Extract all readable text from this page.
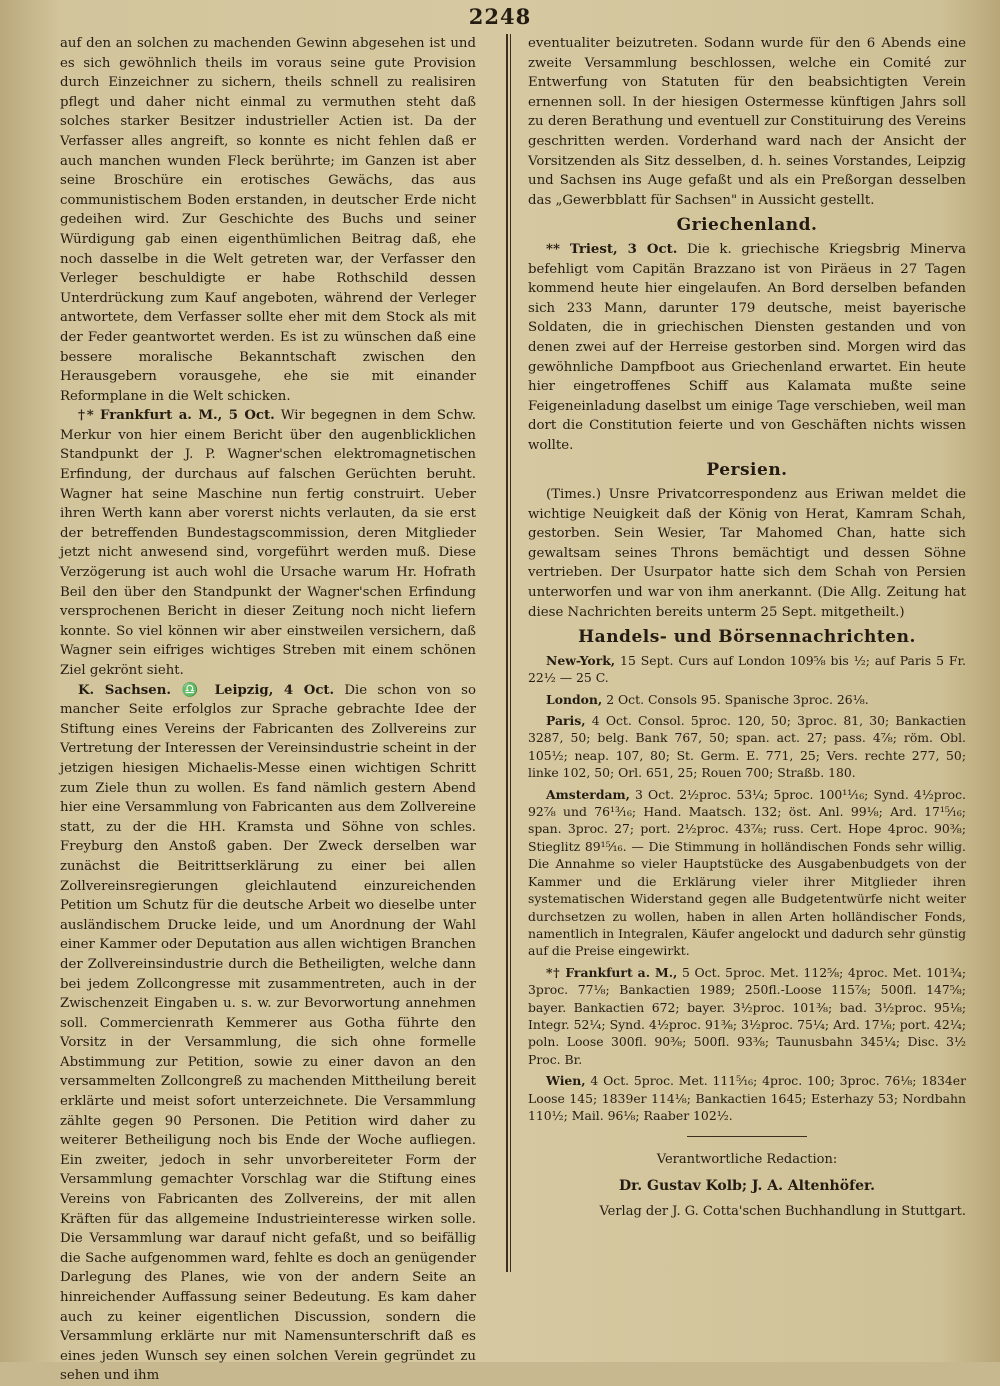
2248

auf den an solchen zu machenden Gewinn abgesehen ist und es sich gewöhnlich theils im voraus seine gute Provision durch Einzeichner zu sichern, theils schnell zu realisiren pflegt und daher nicht einmal zu vermuthen steht daß solches starker Besitzer industrieller Actien ist. Da der Verfasser alles angreift, so konnte es nicht fehlen daß er auch manchen wunden Fleck berührte; im Ganzen ist aber seine Broschüre ein erotisches Gewächs, das aus communistischem Boden erstanden, in deutscher Erde nicht gedeihen wird. Zur Geschichte des Buchs und seiner Würdigung gab einen eigenthümlichen Beitrag daß, ehe noch dasselbe in die Welt getreten war, der Verfasser den Verleger beschuldigte er habe Rothschild dessen Unterdrückung zum Kauf angeboten, während der Verleger antwortete, dem Verfasser sollte eher mit dem Stock als mit der Feder geantwortet werden. Es ist zu wünschen daß eine bessere moralische Bekanntschaft zwischen den Herausgebern vorausgehe, ehe sie mit einander Reformplane in die Welt schicken.

†* Frankfurt a. M., 5 Oct. Wir begegnen in dem Schw. Merkur von hier einem Bericht über den augenblicklichen Standpunkt der J. P. Wagner'schen elektromagnetischen Erfindung, der durchaus auf falschen Gerüchten beruht. Wagner hat seine Maschine nun fertig construirt. Ueber ihren Werth kann aber vorerst nichts verlauten, da sie erst der betreffenden Bundestagscommission, deren Mitglieder jetzt nicht anwesend sind, vorgeführt werden muß. Diese Verzögerung ist auch wohl die Ursache warum Hr. Hofrath Beil den über den Standpunkt der Wagner'schen Erfindung versprochenen Bericht in dieser Zeitung noch nicht liefern konnte. So viel können wir aber einstweilen versichern, daß Wagner sein eifriges wichtiges Streben mit einem schönen Ziel gekrönt sieht.

K. Sachsen. ♎ Leipzig, 4 Oct. Die schon von so mancher Seite erfolglos zur Sprache gebrachte Idee der Stiftung eines Vereins der Fabricanten des Zollvereins zur Vertretung der Interessen der Vereinsindustrie scheint in der jetzigen hiesigen Michaelis-Messe einen wichtigen Schritt zum Ziele thun zu wollen. Es fand nämlich gestern Abend hier eine Versammlung von Fabricanten aus dem Zollvereine statt, zu der die HH. Kramsta und Söhne von schles. Freyburg den Anstoß gaben. Der Zweck derselben war zunächst die Beitrittserklärung zu einer bei allen Zollvereinsregierungen gleichlautend einzureichenden Petition um Schutz für die deutsche Arbeit wo dieselbe unter ausländischem Drucke leide, und um Anordnung der Wahl einer Kammer oder Deputation aus allen wichtigen Branchen der Zollvereinsindustrie durch die Betheiligten, welche dann bei jedem Zollcongresse mit zusammentreten, auch in der Zwischenzeit Eingaben u. s. w. zur Bevorwortung annehmen soll. Commercienrath Kemmerer aus Gotha führte den Vorsitz in der Versammlung, die sich ohne formelle Abstimmung zur Petition, sowie zu einer davon an den versammelten Zollcongreß zu machenden Mittheilung bereit erklärte und meist sofort unterzeichnete. Die Versammlung zählte gegen 90 Personen. Die Petition wird daher zu weiterer Betheiligung noch bis Ende der Woche aufliegen. Ein zweiter, jedoch in sehr unvorbereiteter Form der Versammlung gemachter Vorschlag war die Stiftung eines Vereins von Fabricanten des Zollvereins, der mit allen Kräften für das allgemeine Industrieinteresse wirken solle. Die Versammlung war darauf nicht gefaßt, und so beifällig die Sache aufgenommen ward, fehlte es doch an genügender Darlegung des Planes, wie von der andern Seite an hinreichender Auffassung seiner Bedeutung. Es kam daher auch zu keiner eigentlichen Discussion, sondern die Versammlung erklärte nur mit Namensunterschrift daß es eines jeden Wunsch sey einen solchen Verein gegründet zu sehen und ihm

eventualiter beizutreten. Sodann wurde für den 6 Abends eine zweite Versammlung beschlossen, welche ein Comité zur Entwerfung von Statuten für den beabsichtigten Verein ernennen soll. In der hiesigen Ostermesse künftigen Jahrs soll zu deren Berathung und eventuell zur Constituirung des Vereins geschritten werden. Vorderhand ward nach der Ansicht der Vorsitzenden als Sitz desselben, d. h. seines Vorstandes, Leipzig und Sachsen ins Auge gefaßt und als ein Preßorgan desselben das „Gewerbblatt für Sachsen" in Aussicht gestellt.

Griechenland.

** Triest, 3 Oct. Die k. griechische Kriegsbrig Minerva befehligt vom Capitän Brazzano ist von Piräeus in 27 Tagen kommend heute hier eingelaufen. An Bord derselben befanden sich 233 Mann, darunter 179 deutsche, meist bayerische Soldaten, die in griechischen Diensten gestanden und von denen zwei auf der Herreise gestorben sind. Morgen wird das gewöhnliche Dampfboot aus Griechenland erwartet. Ein heute hier eingetroffenes Schiff aus Kalamata mußte seine Feigeneinladung daselbst um einige Tage verschieben, weil man dort die Constitution feierte und von Geschäften nichts wissen wollte.

Persien.

(Times.) Unsre Privatcorrespondenz aus Eriwan meldet die wichtige Neuigkeit daß der König von Herat, Kamram Schah, gestorben. Sein Wesier, Tar Mahomed Chan, hatte sich gewaltsam seines Throns bemächtigt und dessen Söhne vertrieben. Der Usurpator hatte sich dem Schah von Persien unterworfen und war von ihm anerkannt. (Die Allg. Zeitung hat diese Nachrichten bereits unterm 25 Sept. mitgetheilt.)

Handels- und Börsennachrichten.

New-York, 15 Sept. Curs auf London 109⅝ bis ½; auf Paris 5 Fr. 22½ — 25 C.

London, 2 Oct. Consols 95. Spanische 3proc. 26⅛.

Paris, 4 Oct. Consol. 5proc. 120, 50; 3proc. 81, 30; Bankactien 3287, 50; belg. Bank 767, 50; span. act. 27; pass. 4⅞; röm. Obl. 105½; neap. 107, 80; St. Germ. E. 771, 25; Vers. rechte 277, 50; linke 102, 50; Orl. 651, 25; Rouen 700; Straßb. 180.

Amsterdam, 3 Oct. 2½proc. 53¼; 5proc. 100¹¹⁄₁₆; Synd. 4½proc. 92⅞ und 76¹³⁄₁₆; Hand. Maatsch. 132; öst. Anl. 99⅛; Ard. 17¹⁵⁄₁₆; span. 3proc. 27; port. 2½proc. 43⅞; russ. Cert. Hope 4proc. 90⅜; Stieglitz 89¹⁵⁄₁₆. — Die Stimmung in holländischen Fonds sehr willig. Die Annahme so vieler Hauptstücke des Ausgabenbudgets von der Kammer und die Erklärung vieler ihrer Mitglieder ihren systematischen Widerstand gegen alle Budgetentwürfe nicht weiter durchsetzen zu wollen, haben in allen Arten holländischer Fonds, namentlich in Integralen, Käufer angelockt und dadurch sehr günstig auf die Preise eingewirkt.

*† Frankfurt a. M., 5 Oct. 5proc. Met. 112⅝; 4proc. Met. 101¾; 3proc. 77⅛; Bankactien 1989; 250fl.-Loose 115⅞; 500fl. 147⅝; bayer. Bankactien 672; bayer. 3½proc. 101⅜; bad. 3½proc. 95⅛; Integr. 52¼; Synd. 4½proc. 91⅜; 3½proc. 75¼; Ard. 17⅛; port. 42¼; poln. Loose 300fl. 90⅜; 500fl. 93⅜; Taunusbahn 345¼; Disc. 3½ Proc. Br.

Wien, 4 Oct. 5proc. Met. 111⁵⁄₁₆; 4proc. 100; 3proc. 76⅛; 1834er Loose 145; 1839er 114⅛; Bankactien 1645; Esterhazy 53; Nordbahn 110½; Mail. 96⅛; Raaber 102½.

Verantwortliche Redaction:
Dr. Gustav Kolb; J. A. Altenhöfer.
Verlag der J. G. Cotta'schen Buchhandlung in Stuttgart.
